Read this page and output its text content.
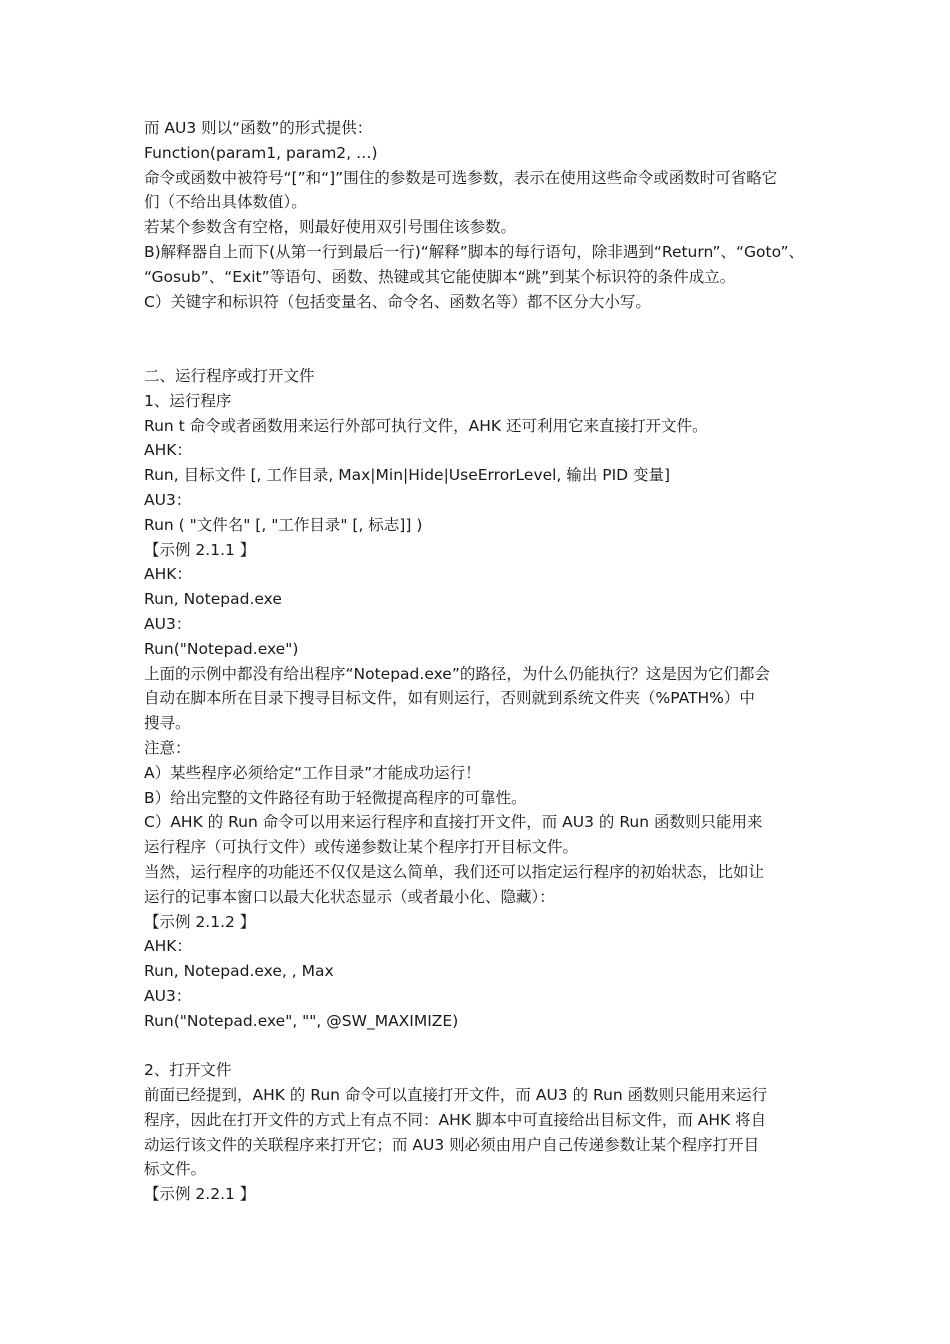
而 AU3 则以“函数”的形式提供：

Function(param1, param2, …)

命令或函数中被符号“[”和“]”围住的参数是可选参数，表示在使用这些命令或函数时可省略它

们（不给出具体数值）。

若某个参数含有空格，则最好使用双引号围住该参数。

B)解释器自上而下(从第一行到最后一行)“解释”脚本的每行语句，除非遇到“Return”、“Goto”、

“Gosub”、“Exit”等语句、函数、热键或其它能使脚本“跳”到某个标识符的条件成立。

C）关键字和标识符（包括变量名、命令名、函数名等）都不区分大小写。

二、运行程序或打开文件

1、运行程序

Run t 命令或者函数用来运行外部可执行文件，AHK 还可利用它来直接打开文件。

AHK：

Run, 目标文件 [, 工作目录, Max|Min|Hide|UseErrorLevel, 输出 PID 变量]

AU3：

Run ( "文件名" [, "工作目录" [, 标志]] )

【示例 2.1.1 】

AHK：

Run, Notepad.exe

AU3：

Run("Notepad.exe")

上面的示例中都没有给出程序“Notepad.exe”的路径，为什么仍能执行？这是因为它们都会

自动在脚本所在目录下搜寻目标文件，如有则运行，否则就到系统文件夹（%PATH%）中

搜寻。

注意：

A）某些程序必须给定“工作目录”才能成功运行！

B）给出完整的文件路径有助于轻微提高程序的可靠性。

C）AHK 的 Run 命令可以用来运行程序和直接打开文件，而 AU3 的 Run 函数则只能用来

运行程序（可执行文件）或传递参数让某个程序打开目标文件。

当然，运行程序的功能还不仅仅是这么简单，我们还可以指定运行程序的初始状态，比如让

运行的记事本窗口以最大化状态显示（或者最小化、隐藏）：

【示例 2.1.2 】

AHK：

Run, Notepad.exe, , Max

AU3：

Run("Notepad.exe", "", @SW_MAXIMIZE)

2、打开文件

前面已经提到，AHK 的 Run 命令可以直接打开文件，而 AU3 的 Run 函数则只能用来运行

程序，因此在打开文件的方式上有点不同：AHK 脚本中可直接给出目标文件，而 AHK 将自

动运行该文件的关联程序来打开它；而 AU3 则必须由用户自己传递参数让某个程序打开目

标文件。

【示例 2.2.1 】
